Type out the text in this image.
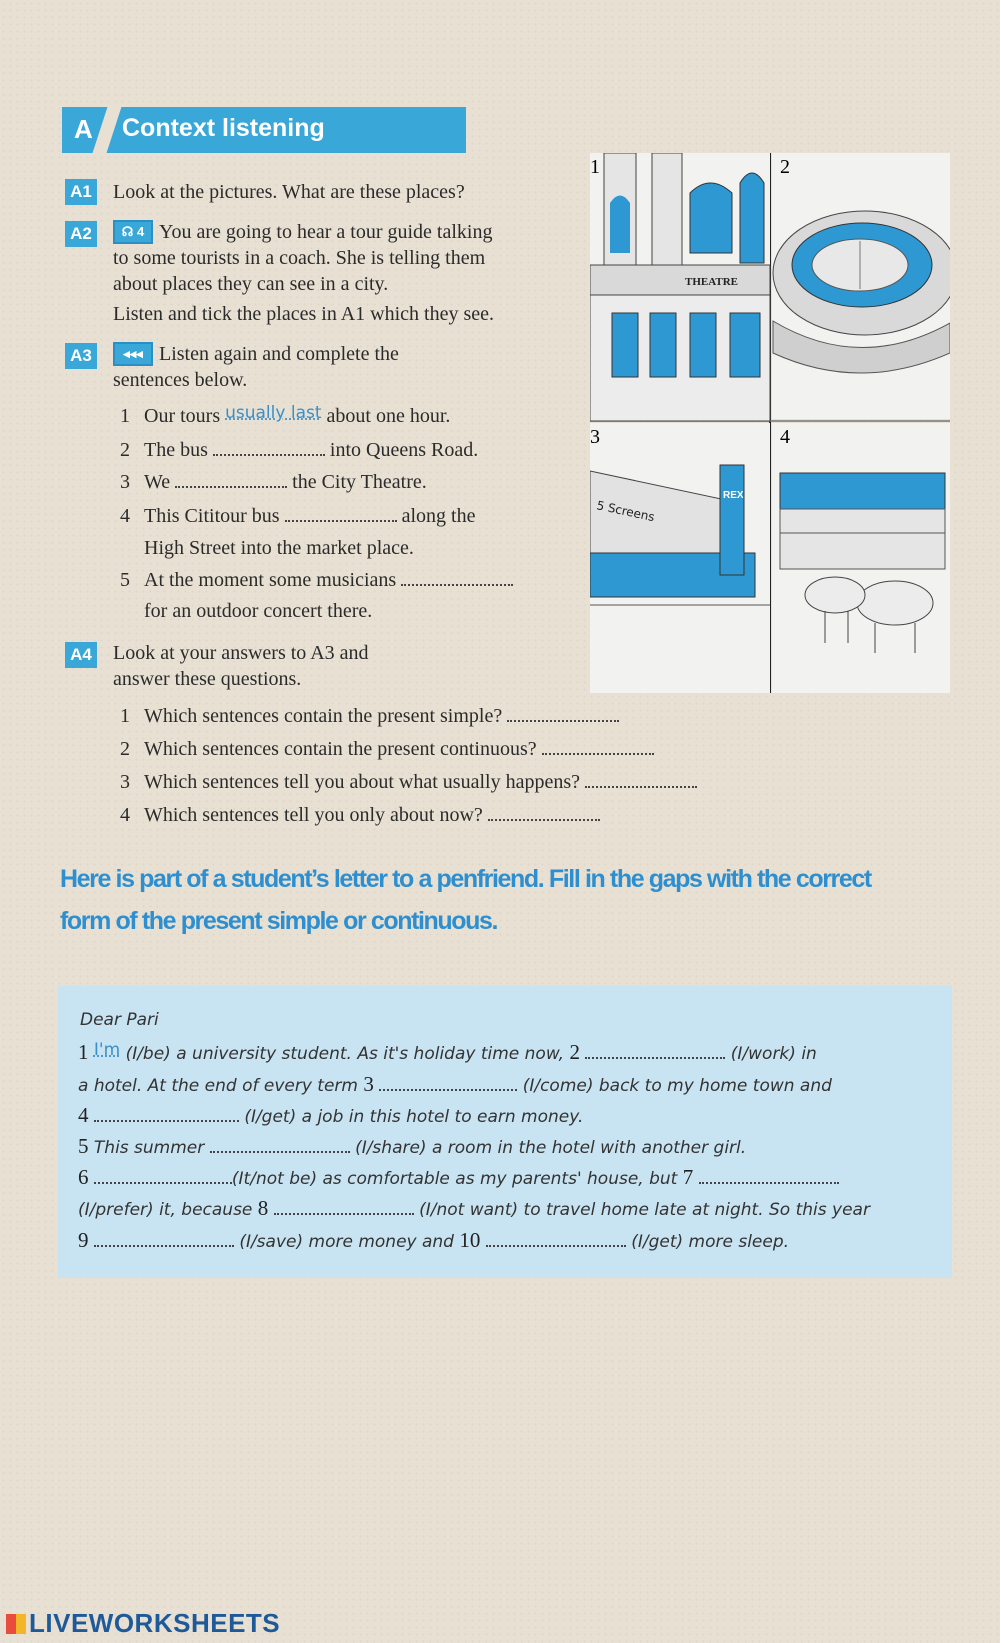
A Context listening
A1 Look at the pictures. What are these places?
A2	☊ 4 You are going to hear a tour guide talking
to some tourists in a coach. She is telling them
about places they can see in a city.
Listen and tick the places in A1 which they see.
A3	◂◂◂ Listen again and complete the
sentences below.
1 Our tours $^{usually last}$ about one hour.
2 The bus	into Queens Road.
3 We	the City Theatre.
4 This Cititour bus	along the
High Street into the market place.
5 At the moment some musicians
for an outdoor concert there.
A4 Look at your answers to A3 and
answer these questions.
1 Which sentences contain the present simple?
2 Which sentences contain the present continuous?
3 Which sentences tell you about what usually happens?
4 Which sentences tell you only about now?
THEATRE
5 Screens
REX
1	2
3	4
Here is part of a student’s letter to a penfriend. Fill in the gaps with the correct
form of the present simple or continuous.
Dear Pari
1 I'm (I/be) a university student. As it's holiday time now, 2	(I/work) in
a hotel. At the end of every term 3	(I/come) back to my home town and
4	(I/get) a job in this hotel to earn money.
5 This summer	(I/share) a room in the hotel with another girl.
6	(It/not be) as comfortable as my parents' house, but 7
(I/prefer) it, because 8	(I/not want) to travel home late at night. So this year
9	(I/save) more money and 10	(I/get) more sleep.
LIVEWORKSHEETS
